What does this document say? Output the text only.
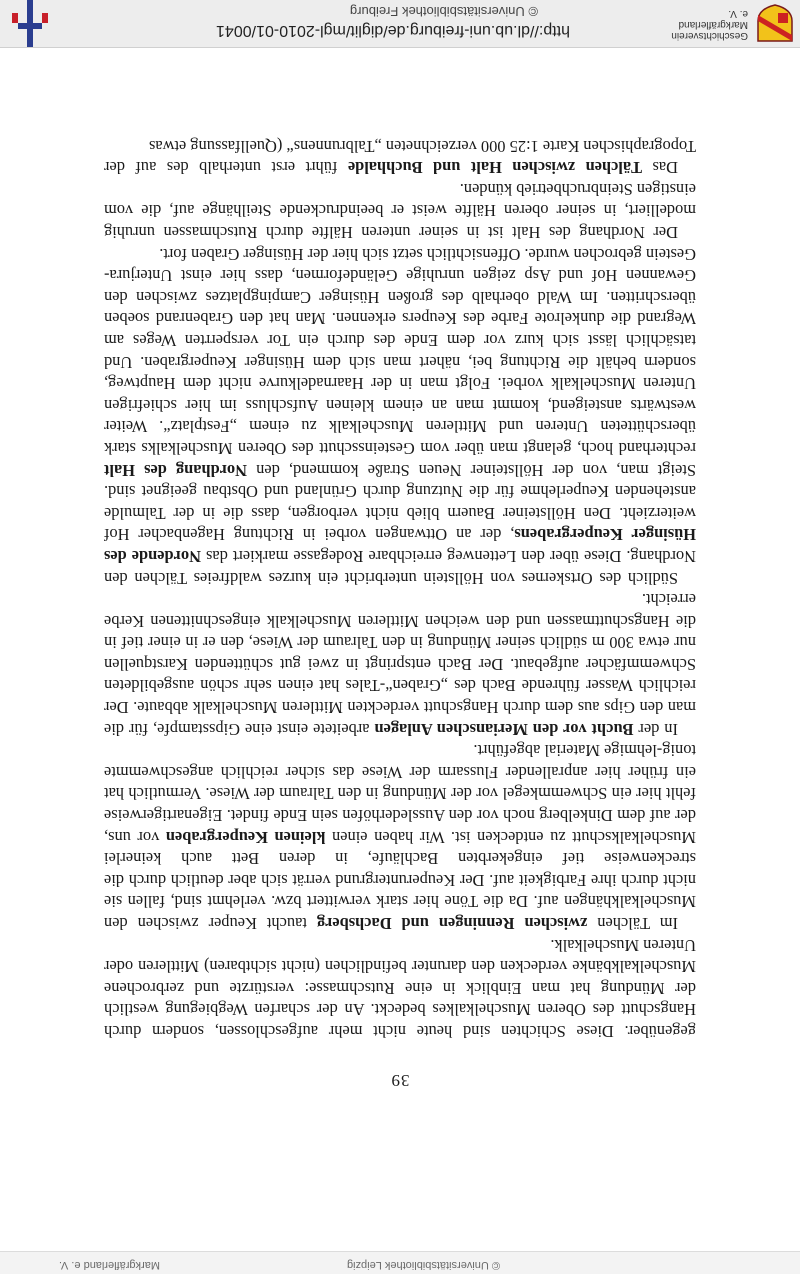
© Universitätsbibliothek Leipzig
Markgräflerland e. V.
39

gegenüber. Diese Schichten sind heute nicht mehr aufgeschlossen, sondern durch Hangschutt des Oberen Muschelkalkes bedeckt. An der scharfen Wegbiegung westlich der Mündung hat man Einblick in eine Rutschmasse: verstürzte und zerbrochene Muschelkalkbänke verdecken den darunter befindlichen (nicht sichtbaren) Mittleren oder Unteren Muschelkalk.

Im Tälchen zwischen Renningen und Dachsberg taucht Keuper zwischen den Muschelkalkhängen auf. Da die Töne hier stark verwittert bzw. verlehmt sind, fallen sie nicht durch ihre Farbigkeit auf. Der Keuperuntergrund verrät sich aber deutlich durch die streckenweise tief eingekerbten Bachläufe, in deren Bett auch keinerlei Muschelkalkschutt zu entdecken ist. Wir haben einen kleinen Keupergraben vor uns, der auf dem Dinkelberg noch vor den Ausslederhöfen sein Ende findet. Eigenartigerweise fehlt hier ein Schwemmkegel vor der Mündung in den Talraum der Wiese. Vermutlich hat ein früher hier anprallender Flussarm der Wiese das sicher reichlich angeschwemmte tonig-lehmige Material abgeführt.

In der Bucht vor den Merianschen Anlagen arbeitete einst eine Gipsstampfe, für die man den Gips aus dem durch Hangschutt verdeckten Mittleren Muschelkalk abbaute. Der reichlich Wasser führende Bach des „Graben“-Tales hat einen sehr schön ausgebildeten Schwemmfächer aufgebaut. Der Bach entspringt in zwei gut schüttenden Karstquellen nur etwa 300 m südlich seiner Mündung in den Talraum der Wiese, den er in einer tief in die Hangschuttmassen und den weichen Mittleren Muschelkalk eingeschnittenen Kerbe erreicht.

Südlich des Ortskernes von Höllstein unterbricht ein kurzes waldfreies Tälchen den Nordhang. Diese über den Lettenweg erreichbare Rodegasse markiert das Nordende des Hüsinger Keupergrabens, der an Ottwangen vorbei in Richtung Hagenbacher Hof weiterzieht. Den Höllsteiner Bauern blieb nicht verborgen, dass die in der Talmulde anstehenden Keuperlehme für die Nutzung durch Grünland und Obstbau geeignet sind. Steigt man, von der Höllsteiner Neuen Straße kommend, den Nordhang des Halt rechterhand hoch, gelangt man über vom Gesteinsschutt des Oberen Muschelkalks stark überschütteten Unteren und Mittleren Muschelkalk zu einem „Festplatz“. Weiter westwärts ansteigend, kommt man an einem kleinen Aufschluss im hier schiefrigen Unteren Muschelkalk vorbei. Folgt man in der Haarnadelkurve nicht dem Hauptweg, sondern behält die Richtung bei, nähert man sich dem Hüsinger Keupergraben. Und tatsächlich lässt sich kurz vor dem Ende des durch ein Tor versperrten Weges am Wegrand die dunkelrote Farbe des Keupers erkennen. Man hat den Grabenrand soeben überschritten. Im Wald oberhalb des großen Hüsinger Campingplatzes zwischen den Gewannen Hof und Asp zeigen unruhige Geländeformen, dass hier einst Unterjura-Gestein gebrochen wurde. Offensichtlich setzt sich hier der Hüsinger Graben fort.

Der Nordhang des Halt ist in seiner unteren Hälfte durch Rutschmassen unruhig modelliert, in seiner oberen Hälfte weist er beeindruckende Steilhänge auf, die vom einstigen Steinbruchbetrieb künden.

Das Tälchen zwischen Halt und Buchhalde führt erst unterhalb des auf der Topographischen Karte 1:25 000 verzeichneten „Talbrunnens“ (Quellfassung etwas

Geschichtsverein
Markgräflerland e. V.
http://dl.ub.uni-freiburg.de/diglit/mgl-2010-01/0041
© Universitätsbibliothek Freiburg
